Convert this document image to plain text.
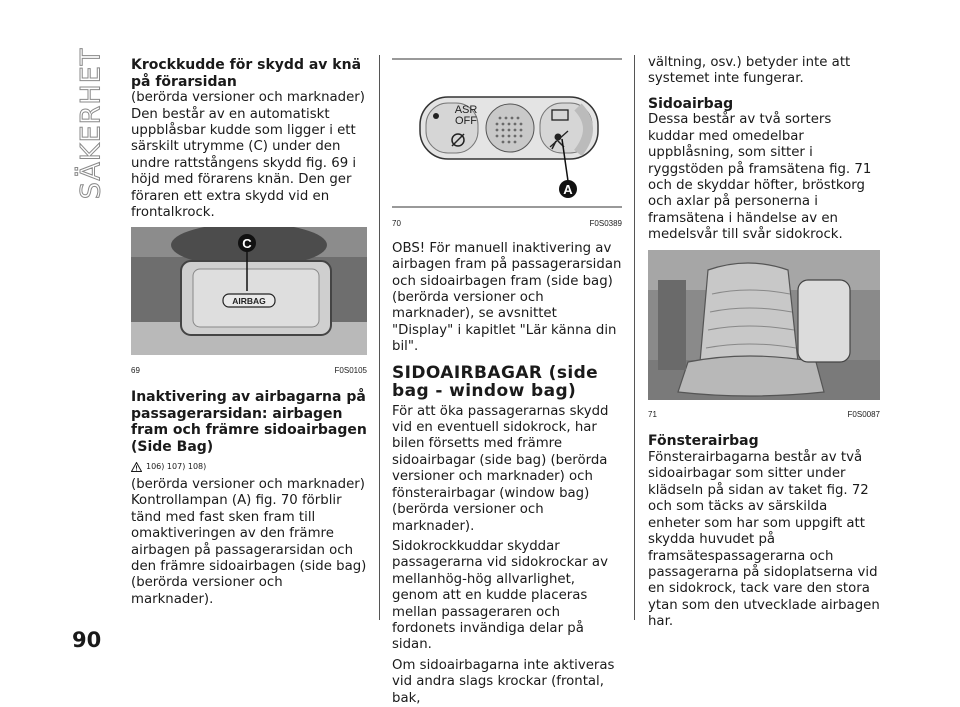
SÄKERHET
90
Krockkudde för skydd av knä på förarsidan

(berörda versioner och marknader) Den består av en automatiskt uppblåsbar kudde som ligger i ett särskilt utrymme (C) under den undre rattstångens skydd fig. 69 i höjd med förarens knän. Den ger föraren ett extra skydd vid en frontalkrock.

C
AIRBAG
69	F0S0105
Inaktivering av airbagarna på passagerarsidan: airbagen fram och främre sidoairbagen (Side Bag)
106) 107) 108)

(berörda versioner och marknader) Kontrollampan (A) fig. 70 förblir tänd med fast sken fram till omaktiveringen av den främre airbagen på passagerarsidan och den främre sidoairbagen (side bag) (berörda versioner och marknader).

ASR
OFF
A
70	F0S0389

OBS! För manuell inaktivering av airbagen fram på passagerarsidan och sidoairbagen fram (side bag) (berörda versioner och marknader), se avsnittet "Display" i kapitlet "Lär känna din bil".

SIDOAIRBAGAR (side bag - window bag)

För att öka passagerarnas skydd vid en eventuell sidokrock, har bilen försetts med främre sidoairbagar (side bag) (berörda versioner och marknader) och fönsterairbagar (window bag) (berörda versioner och marknader).

Sidokrockkuddar skyddar passagerarna vid sidokrockar av mellanhög-hög allvarlighet, genom att en kudde placeras mellan passageraren och fordonets invändiga delar på sidan.

Om sidoairbagarna inte aktiveras vid andra slags krockar (frontal, bak,

vältning, osv.) betyder inte att systemet inte fungerar.

Sidoairbag

Dessa består av två sorters kuddar med omedelbar uppblåsning, som sitter i ryggstöden på framsätena fig. 71 och de skyddar höfter, bröstkorg och axlar på personerna i framsätena i händelse av en medelsvår till svår sidokrock.

71	F0S0087
Fönsterairbag

Fönsterairbagarna består av två sidoairbagar som sitter under klädseln på sidan av taket fig. 72 och som täcks av särskilda enheter som har som uppgift att skydda huvudet på framsätespassagerarna och passagerarna på sidoplatserna vid en sidokrock, tack vare den stora ytan som den utvecklade airbagen har.
